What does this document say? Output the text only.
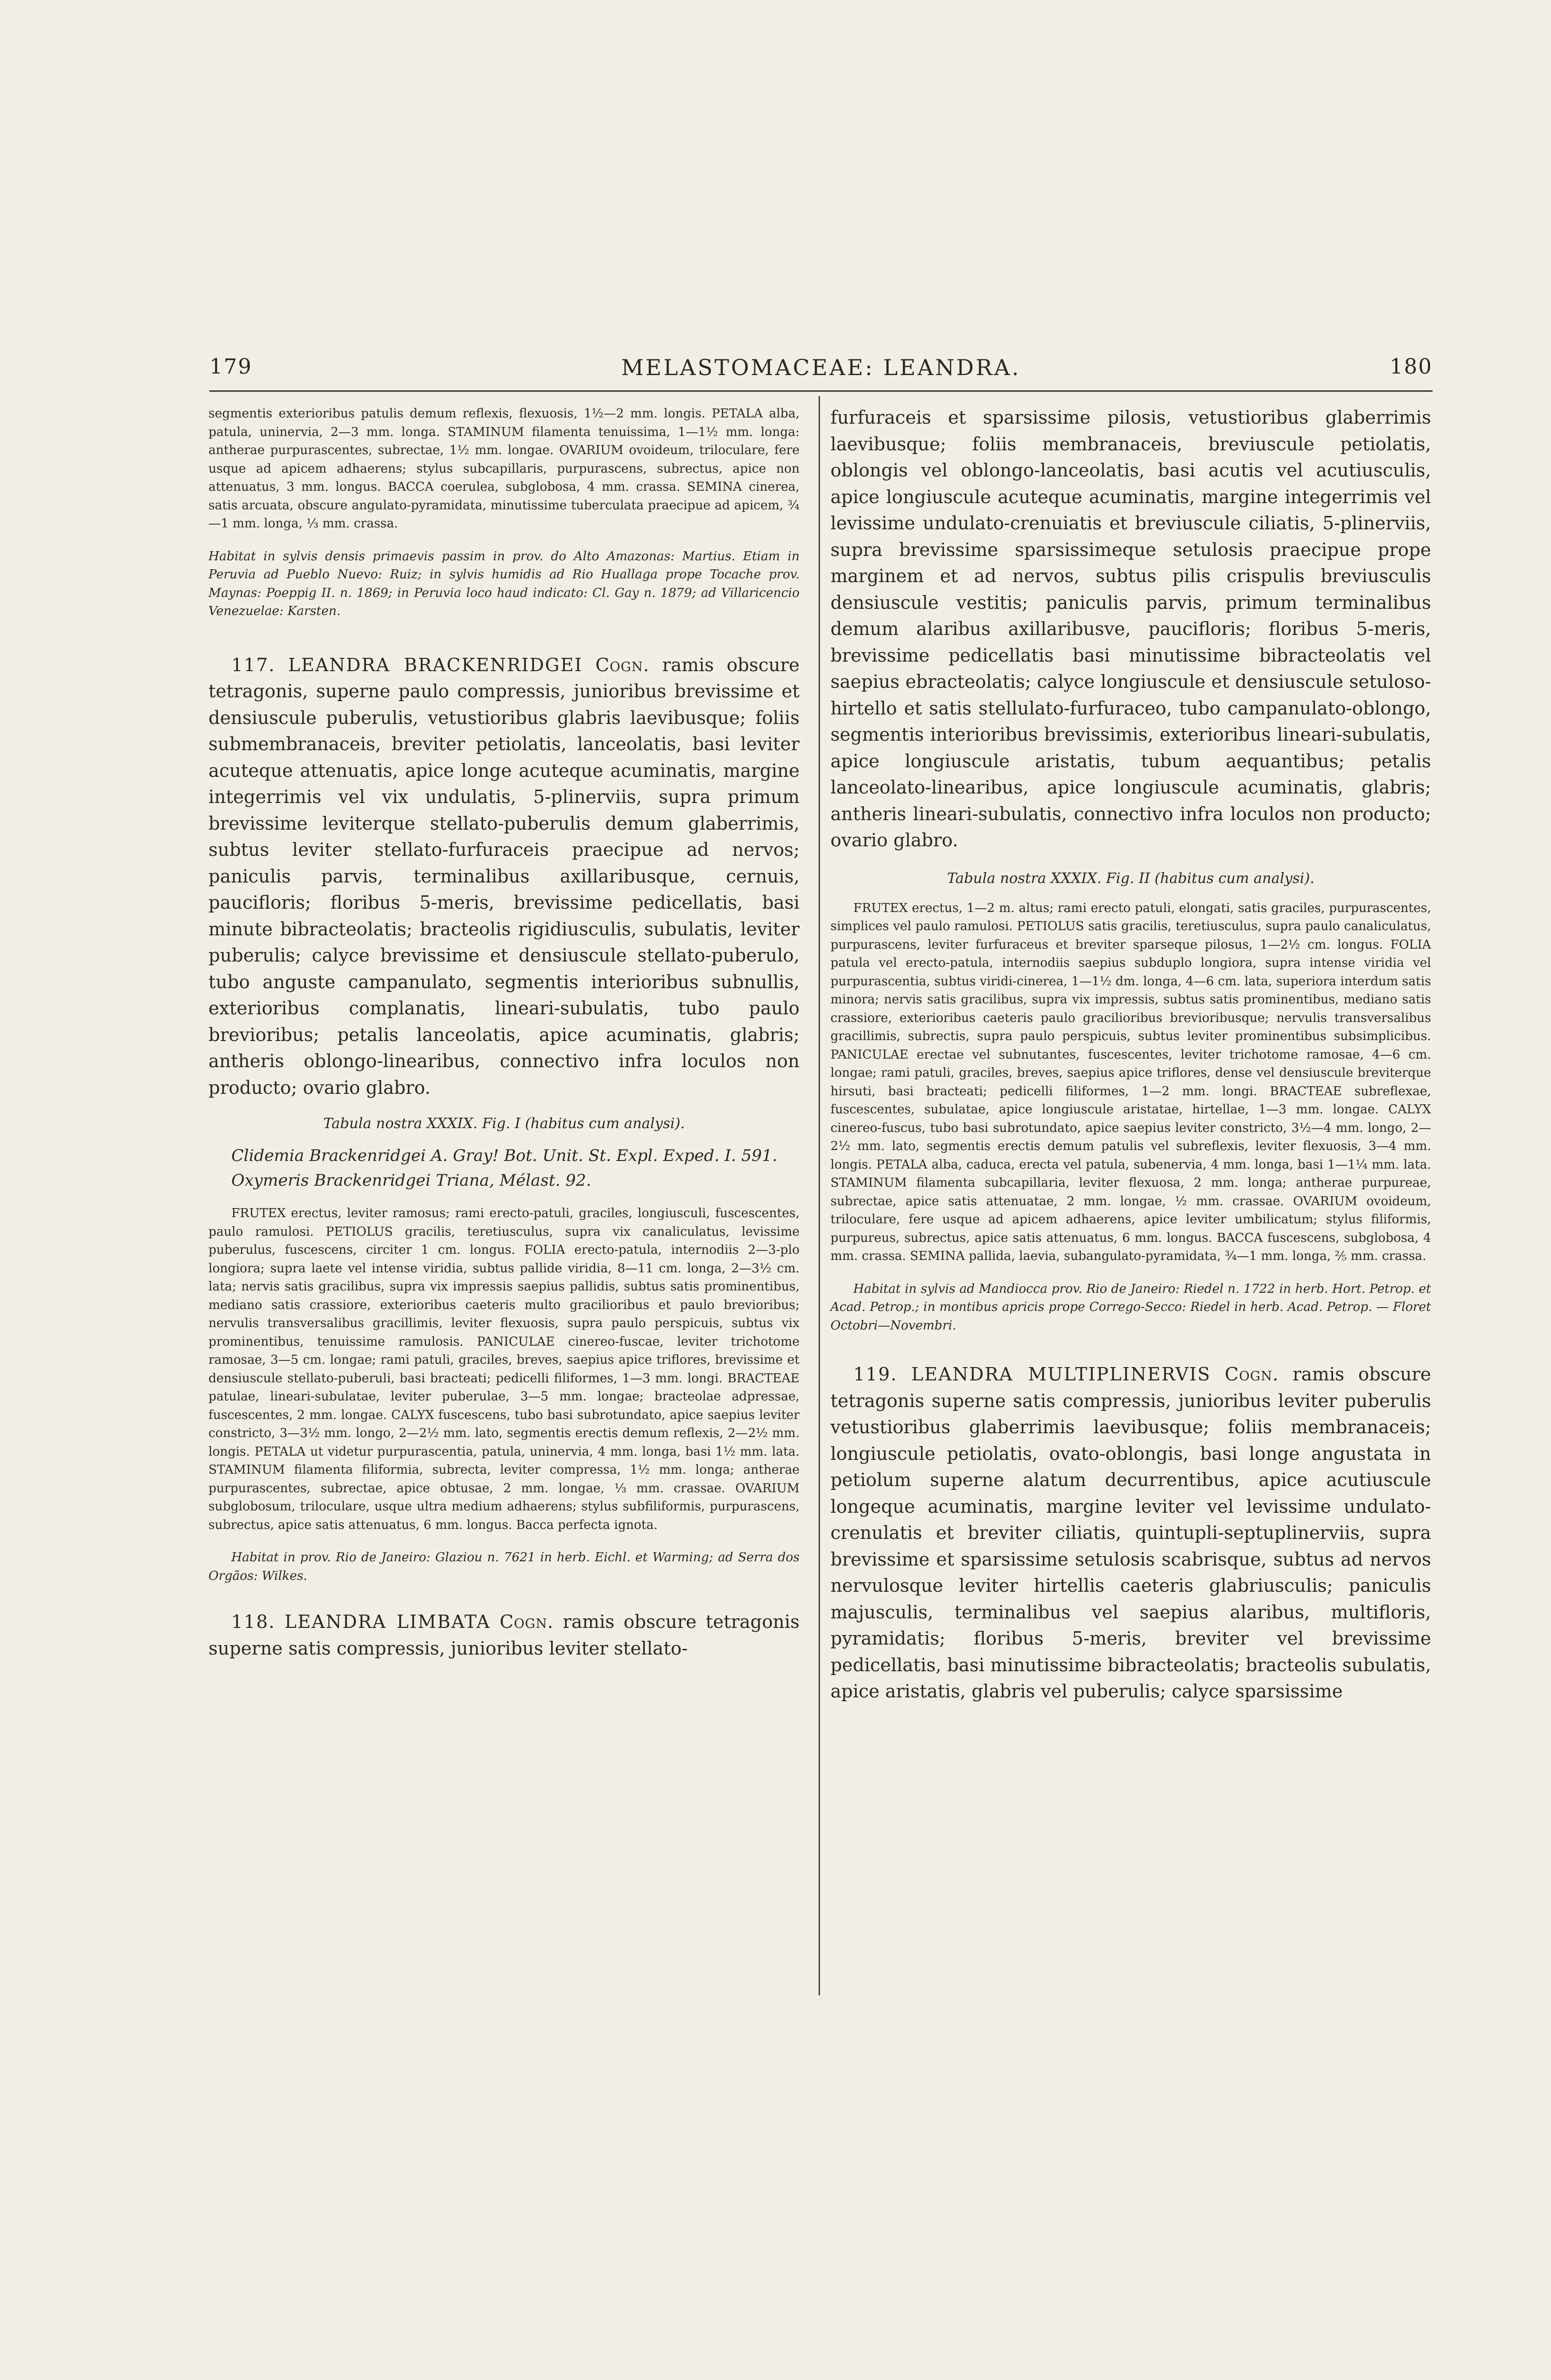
179	MELASTOMACEAE: LEANDRA.	180

segmentis exterioribus patulis demum reflexis, flexuosis, 1½—2 mm. longis. PETALA alba, patula, uninervia, 2—3 mm. longa. STAMINUM filamenta tenuissima, 1—1½ mm. longa: antherae purpurascentes, subrectae, 1½ mm. longae. OVARIUM ovoideum, triloculare, fere usque ad apicem adhaerens; stylus subcapillaris, purpurascens, subrectus, apice non attenuatus, 3 mm. longus. BACCA coerulea, subglobosa, 4 mm. crassa. SEMINA cinerea, satis arcuata, obscure angulato-pyramidata, minutissime tuberculata praecipue ad apicem, ¾—1 mm. longa, ⅓ mm. crassa.

Habitat in sylvis densis primaevis passim in prov. do Alto Amazonas: Martius. Etiam in Peruvia ad Pueblo Nuevo: Ruiz; in sylvis humidis ad Rio Huallaga prope Tocache prov. Maynas: Poeppig II. n. 1869; in Peruvia loco haud indicato: Cl. Gay n. 1879; ad Villaricencio Venezuelae: Karsten.

117. LEANDRA BRACKENRIDGEI Cogn. ramis obscure tetragonis, superne paulo compressis, junioribus brevissime et densiuscule puberulis, vetustioribus glabris laevibusque; foliis submembranaceis, breviter petiolatis, lanceolatis, basi leviter acuteque attenuatis, apice longe acuteque acuminatis, margine integerrimis vel vix undulatis, 5-plinerviis, supra primum brevissime leviterque stellato-puberulis demum glaberrimis, subtus leviter stellato-furfuraceis praecipue ad nervos; paniculis parvis, terminalibus axillaribusque, cernuis, paucifloris; floribus 5-meris, brevissime pedicellatis, basi minute bibracteolatis; bracteolis rigidiusculis, subulatis, leviter puberulis; calyce brevissime et densiuscule stellato-puberulo, tubo anguste campanulato, segmentis interioribus subnullis, exterioribus complanatis, lineari-subulatis, tubo paulo brevioribus; petalis lanceolatis, apice acuminatis, glabris; antheris oblongo-linearibus, connectivo infra loculos non producto; ovario glabro.

Tabula nostra XXXIX. Fig. I (habitus cum analysi).

Clidemia Brackenridgei A. Gray! Bot. Unit. St. Expl. Exped. I. 591.

Oxymeris Brackenridgei Triana, Mélast. 92.

FRUTEX erectus, leviter ramosus; rami erecto-patuli, graciles, longiusculi, fuscescentes, paulo ramulosi. PETIOLUS gracilis, teretiusculus, supra vix canaliculatus, levissime puberulus, fuscescens, circiter 1 cm. longus. FOLIA erecto-patula, internodiis 2—3-plo longiora; supra laete vel intense viridia, subtus pallide viridia, 8—11 cm. longa, 2—3½ cm. lata; nervis satis gracilibus, supra vix impressis saepius pallidis, subtus satis prominentibus, mediano satis crassiore, exterioribus caeteris multo gracilioribus et paulo brevioribus; nervulis transversalibus gracillimis, leviter flexuosis, supra paulo perspicuis, subtus vix prominentibus, tenuissime ramulosis. PANICULAE cinereo-fuscae, leviter trichotome ramosae, 3—5 cm. longae; rami patuli, graciles, breves, saepius apice triflores, brevissime et densiuscule stellato-puberuli, basi bracteati; pedicelli filiformes, 1—3 mm. longi. BRACTEAE patulae, lineari-subulatae, leviter puberulae, 3—5 mm. longae; bracteolae adpressae, fuscescentes, 2 mm. longae. CALYX fuscescens, tubo basi subrotundato, apice saepius leviter constricto, 3—3½ mm. longo, 2—2½ mm. lato, segmentis erectis demum reflexis, 2—2½ mm. longis. PETALA ut videtur purpurascentia, patula, uninervia, 4 mm. longa, basi 1½ mm. lata. STAMINUM filamenta filiformia, subrecta, leviter compressa, 1½ mm. longa; antherae purpurascentes, subrectae, apice obtusae, 2 mm. longae, ⅓ mm. crassae. OVARIUM subglobosum, triloculare, usque ultra medium adhaerens; stylus subfiliformis, purpurascens, subrectus, apice satis attenuatus, 6 mm. longus. Bacca perfecta ignota.

Habitat in prov. Rio de Janeiro: Glaziou n. 7621 in herb. Eichl. et Warming; ad Serra dos Orgãos: Wilkes.

118. LEANDRA LIMBATA Cogn. ramis obscure tetragonis superne satis compressis, junioribus leviter stellato-

furfuraceis et sparsissime pilosis, vetustioribus glaberrimis laevibusque; foliis membranaceis, breviuscule petiolatis, oblongis vel oblongo-lanceolatis, basi acutis vel acutiusculis, apice longiuscule acuteque acuminatis, margine integerrimis vel levissime undulato-crenuiatis et breviuscule ciliatis, 5-plinerviis, supra brevissime sparsissimeque setulosis praecipue prope marginem et ad nervos, subtus pilis crispulis breviusculis densiuscule vestitis; paniculis parvis, primum terminalibus demum alaribus axillaribusve, paucifloris; floribus 5-meris, brevissime pedicellatis basi minutissime bibracteolatis vel saepius ebracteolatis; calyce longiuscule et densiuscule setuloso-hirtello et satis stellulato-furfuraceo, tubo campanulato-oblongo, segmentis interioribus brevissimis, exterioribus lineari-subulatis, apice longiuscule aristatis, tubum aequantibus; petalis lanceolato-linearibus, apice longiuscule acuminatis, glabris; antheris lineari-subulatis, connectivo infra loculos non producto; ovario glabro.

Tabula nostra XXXIX. Fig. II (habitus cum analysi).

FRUTEX erectus, 1—2 m. altus; rami erecto patuli, elongati, satis graciles, purpurascentes, simplices vel paulo ramulosi. PETIOLUS satis gracilis, teretiusculus, supra paulo canaliculatus, purpurascens, leviter furfuraceus et breviter sparseque pilosus, 1—2½ cm. longus. FOLIA patula vel erecto-patula, internodiis saepius subduplo longiora, supra intense viridia vel purpurascentia, subtus viridi-cinerea, 1—1½ dm. longa, 4—6 cm. lata, superiora interdum satis minora; nervis satis gracilibus, supra vix impressis, subtus satis prominentibus, mediano satis crassiore, exterioribus caeteris paulo gracilioribus brevioribusque; nervulis transversalibus gracillimis, subrectis, supra paulo perspicuis, subtus leviter prominentibus subsimplicibus. PANICULAE erectae vel subnutantes, fuscescentes, leviter trichotome ramosae, 4—6 cm. longae; rami patuli, graciles, breves, saepius apice triflores, dense vel densiuscule breviterque hirsuti, basi bracteati; pedicelli filiformes, 1—2 mm. longi. BRACTEAE subreflexae, fuscescentes, subulatae, apice longiuscule aristatae, hirtellae, 1—3 mm. longae. CALYX cinereo-fuscus, tubo basi subrotundato, apice saepius leviter constricto, 3½—4 mm. longo, 2—2½ mm. lato, segmentis erectis demum patulis vel subreflexis, leviter flexuosis, 3—4 mm. longis. PETALA alba, caduca, erecta vel patula, subenervia, 4 mm. longa, basi 1—1¼ mm. lata. STAMINUM filamenta subcapillaria, leviter flexuosa, 2 mm. longa; antherae purpureae, subrectae, apice satis attenuatae, 2 mm. longae, ½ mm. crassae. OVARIUM ovoideum, triloculare, fere usque ad apicem adhaerens, apice leviter umbilicatum; stylus filiformis, purpureus, subrectus, apice satis attenuatus, 6 mm. longus. BACCA fuscescens, subglobosa, 4 mm. crassa. SEMINA pallida, laevia, subangulato-pyramidata, ¾—1 mm. longa, ⅖ mm. crassa.

Habitat in sylvis ad Mandiocca prov. Rio de Janeiro: Riedel n. 1722 in herb. Hort. Petrop. et Acad. Petrop.; in montibus apricis prope Corrego-Secco: Riedel in herb. Acad. Petrop. — Floret Octobri—Novembri.

119. LEANDRA MULTIPLINERVIS Cogn. ramis obscure tetragonis superne satis compressis, junioribus leviter puberulis vetustioribus glaberrimis laevibusque; foliis membranaceis; longiuscule petiolatis, ovato-oblongis, basi longe angustata in petiolum superne alatum decurrentibus, apice acutiuscule longeque acuminatis, margine leviter vel levissime undulato-crenulatis et breviter ciliatis, quintupli-septuplinerviis, supra brevissime et sparsissime setulosis scabrisque, subtus ad nervos nervulosque leviter hirtellis caeteris glabriusculis; paniculis majusculis, terminalibus vel saepius alaribus, multifloris, pyramidatis; floribus 5-meris, breviter vel brevissime pedicellatis, basi minutissime bibracteolatis; bracteolis subulatis, apice aristatis, glabris vel puberulis; calyce sparsissime
